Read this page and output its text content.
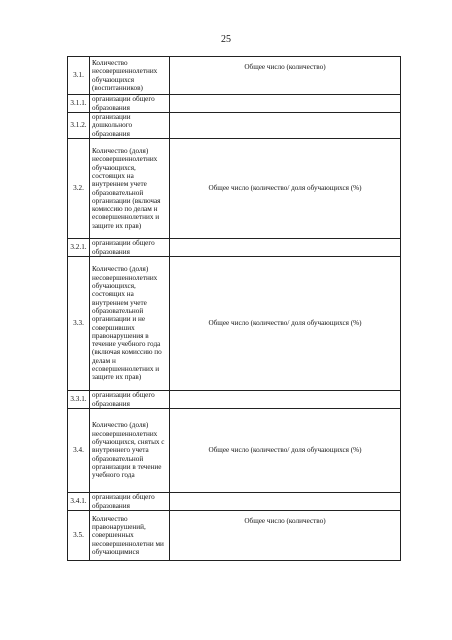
25
3.1.	Количество несовершеннолетних обучающихся (воспитанников)	Общее число (количество)
3.1.1.	организации общего образования	
3.1.2.	организации дошкольного образования	
3.2.	Количество (доля) несовершеннолетних обучающихся, состоящих на внутреннем учете образовательной организации (включая комиссию по делам н есовершеннолетних и защите их прав)	Общее число (количество/ доля обучающихся (%)
3.2.1.	организации общего образования	
3.3.	Количество (доля) несовершеннолетних обучающихся, состоящих на внутреннем учете образовательной организации и не совершивших правонарушения в течение учебного года (включая комиссию по делам н есовершеннолетних и защите их прав)	Общее число (количество/ доля обучающихся (%)
3.3.1.	организации общего образования	
3.4.	Количество (доля) несовершеннолетних обучающихся, снятых с внутреннего учета образовательной организации в течение учебного года	Общее число (количество/ доля обучающихся (%)
3.4.1.	организации общего образования	
3.5.	Количество правонарушений, совершенных несовершеннолетни ми обучающимися	Общее число (количество)
